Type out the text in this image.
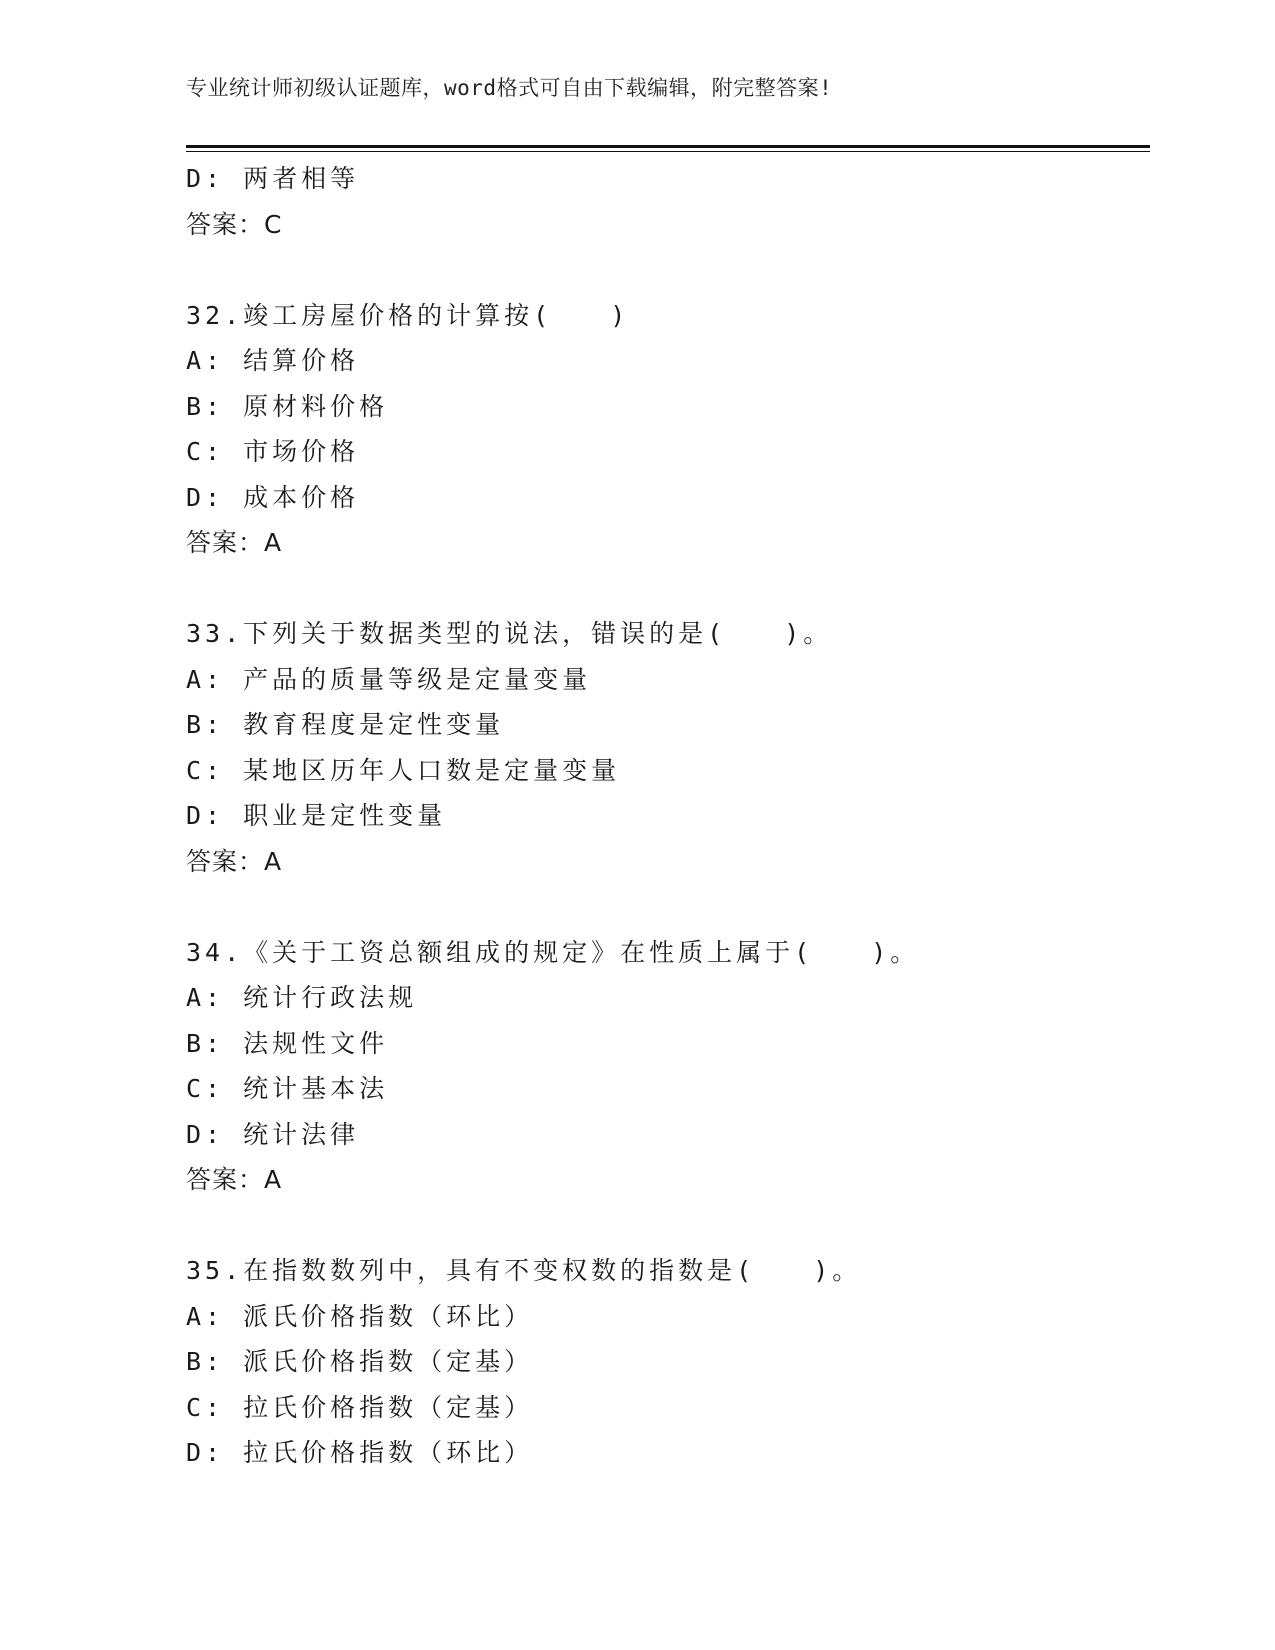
专业统计师初级认证题库，word格式可自由下载编辑，附完整答案!
D: 两者相等
答案：C
32.竣工房屋价格的计算按(　　)
A: 结算价格
B: 原材料价格
C: 市场价格
D: 成本价格
答案：A
33.下列关于数据类型的说法，错误的是(　　)。
A: 产品的质量等级是定量变量
B: 教育程度是定性变量
C: 某地区历年人口数是定量变量
D: 职业是定性变量
答案：A
34.《关于工资总额组成的规定》在性质上属于(　　)。
A: 统计行政法规
B: 法规性文件
C: 统计基本法
D: 统计法律
答案：A
35.在指数数列中，具有不变权数的指数是(　　)。
A: 派氏价格指数（环比）
B: 派氏价格指数（定基）
C: 拉氏价格指数（定基）
D: 拉氏价格指数（环比）
